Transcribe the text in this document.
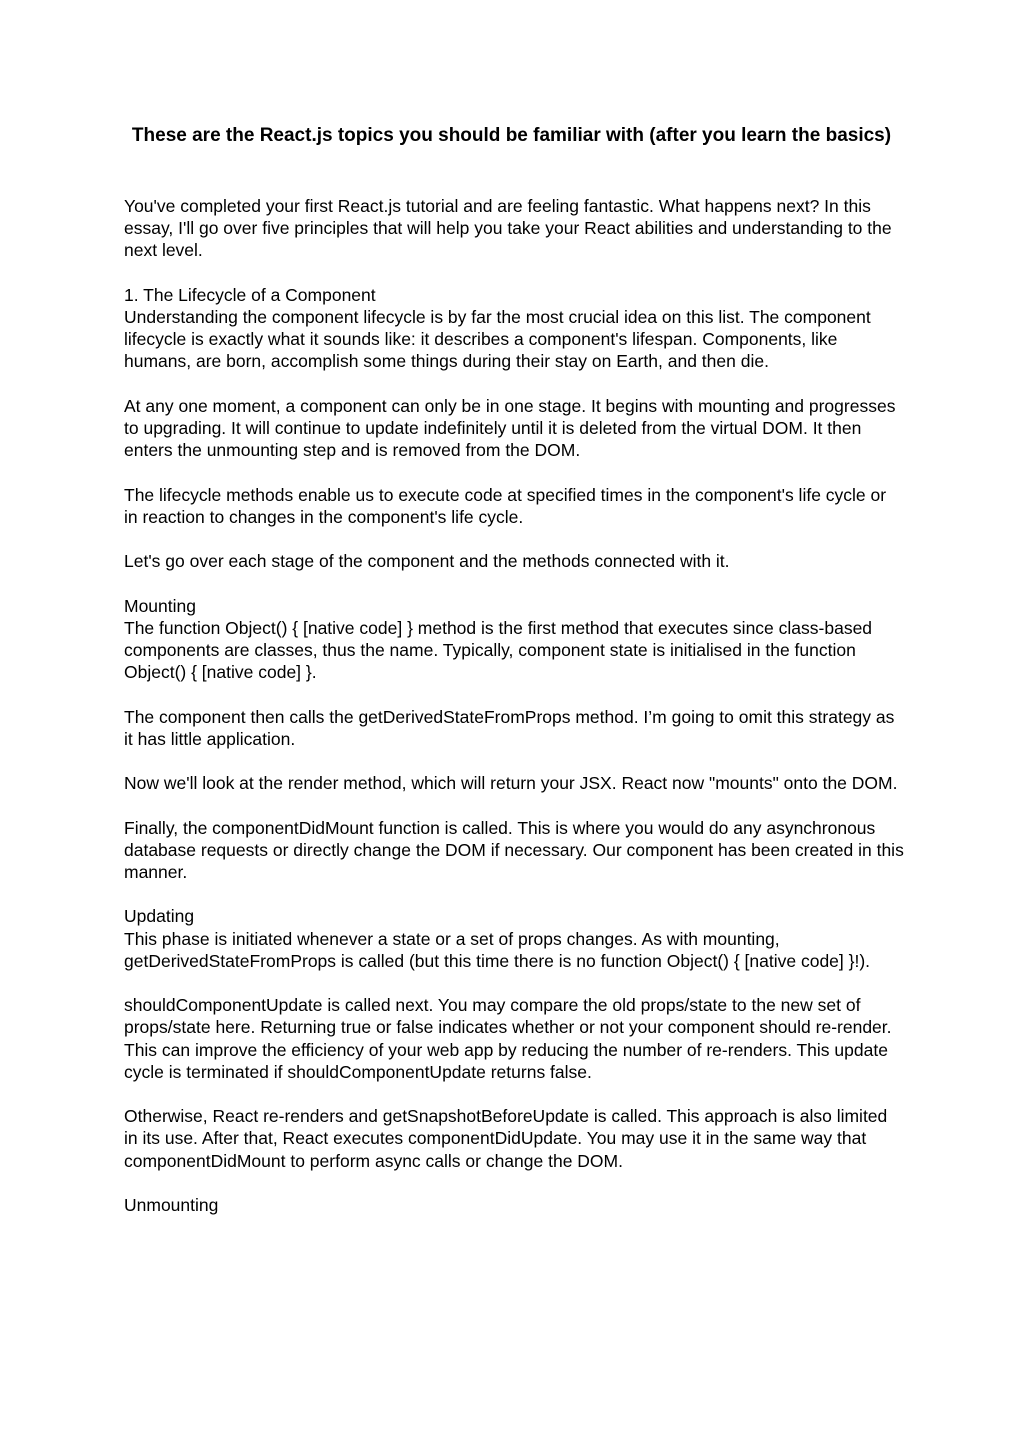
These are the React.js topics you should be familiar with (after you learn the basics)

You've completed your first React.js tutorial and are feeling fantastic. What happens next? In this essay, I'll go over five principles that will help you take your React abilities and understanding to the next level.

1. The Lifecycle of a Component
Understanding the component lifecycle is by far the most crucial idea on this list. The component lifecycle is exactly what it sounds like: it describes a component's lifespan. Components, like humans, are born, accomplish some things during their stay on Earth, and then die.

At any one moment, a component can only be in one stage. It begins with mounting and progresses to upgrading. It will continue to update indefinitely until it is deleted from the virtual DOM. It then enters the unmounting step and is removed from the DOM.

The lifecycle methods enable us to execute code at specified times in the component's life cycle or in reaction to changes in the component's life cycle.

Let's go over each stage of the component and the methods connected with it.

Mounting
The function Object() { [native code] } method is the first method that executes since class-based components are classes, thus the name. Typically, component state is initialised in the function Object() { [native code] }.

The component then calls the getDerivedStateFromProps method. I’m going to omit this strategy as it has little application.

Now we'll look at the render method, which will return your JSX. React now "mounts" onto the DOM.

Finally, the componentDidMount function is called. This is where you would do any asynchronous database requests or directly change the DOM if necessary. Our component has been created in this manner.

Updating
This phase is initiated whenever a state or a set of props changes. As with mounting, getDerivedStateFromProps is called (but this time there is no function Object() { [native code] }!).

shouldComponentUpdate is called next. You may compare the old props/state to the new set of props/state here. Returning true or false indicates whether or not your component should re-render. This can improve the efficiency of your web app by reducing the number of re-renders. This update cycle is terminated if shouldComponentUpdate returns false.

Otherwise, React re-renders and getSnapshotBeforeUpdate is called. This approach is also limited in its use. After that, React executes componentDidUpdate. You may use it in the same way that componentDidMount to perform async calls or change the DOM.

Unmounting
